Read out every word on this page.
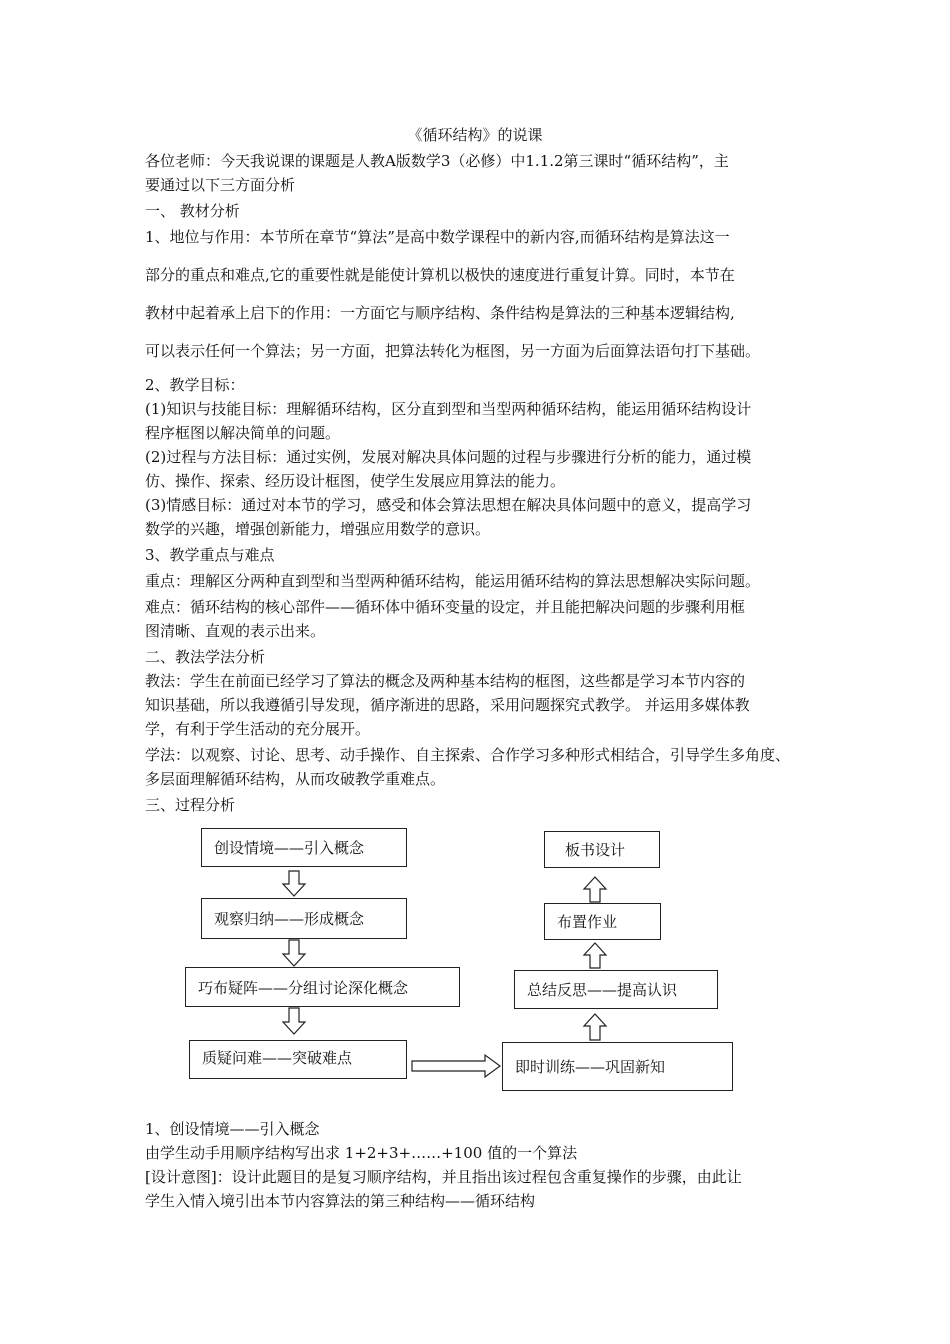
《循环结构》的说课
各位老师：今天我说课的课题是人教A版数学3（必修）中1.1.2第三课时“循环结构”，主
要通过以下三方面分析
一、 教材分析
1、地位与作用：本节所在章节“算法”是高中数学课程中的新内容,而循环结构是算法这一
部分的重点和难点,它的重要性就是能使计算机以极快的速度进行重复计算。同时，本节在
教材中起着承上启下的作用：一方面它与顺序结构、条件结构是算法的三种基本逻辑结构,
可以表示任何一个算法；另一方面，把算法转化为框图，另一方面为后面算法语句打下基础。
2、教学目标：
(1)知识与技能目标：理解循环结构，区分直到型和当型两种循环结构，能运用循环结构设计
程序框图以解决简单的问题。
(2)过程与方法目标：通过实例，发展对解决具体问题的过程与步骤进行分析的能力，通过模
仿、操作、探索、经历设计框图，使学生发展应用算法的能力。
(3)情感目标：通过对本节的学习，感受和体会算法思想在解决具体问题中的意义，提高学习
数学的兴趣，增强创新能力，增强应用数学的意识。
3、教学重点与难点
重点：理解区分两种直到型和当型两种循环结构，能运用循环结构的算法思想解决实际问题。
难点：循环结构的核心部件——循环体中循环变量的设定，并且能把解决问题的步骤利用框
图清晰、直观的表示出来。
二、教法学法分析
教法：学生在前面已经学习了算法的概念及两种基本结构的框图，这些都是学习本节内容的
知识基础，所以我遵循引导发现，循序渐进的思路，采用问题探究式教学。 并运用多媒体教
学，有利于学生活动的充分展开。
学法：以观察、讨论、思考、动手操作、自主探索、合作学习多种形式相结合，引导学生多角度、
多层面理解循环结构，从而攻破教学重难点。
三、过程分析
创设情境——引入概念
观察归纳——形成概念
巧布疑阵——分组讨论深化概念
质疑问难——突破难点	即时训练——巩固新知
总结反思——提高认识
布置作业
板书设计
1、创设情境——引入概念
由学生动手用顺序结构写出求 1+2+3+……+100 值的一个算法
[设计意图]：设计此题目的是复习顺序结构，并且指出该过程包含重复操作的步骤，由此让
学生入情入境引出本节内容算法的第三种结构——循环结构
